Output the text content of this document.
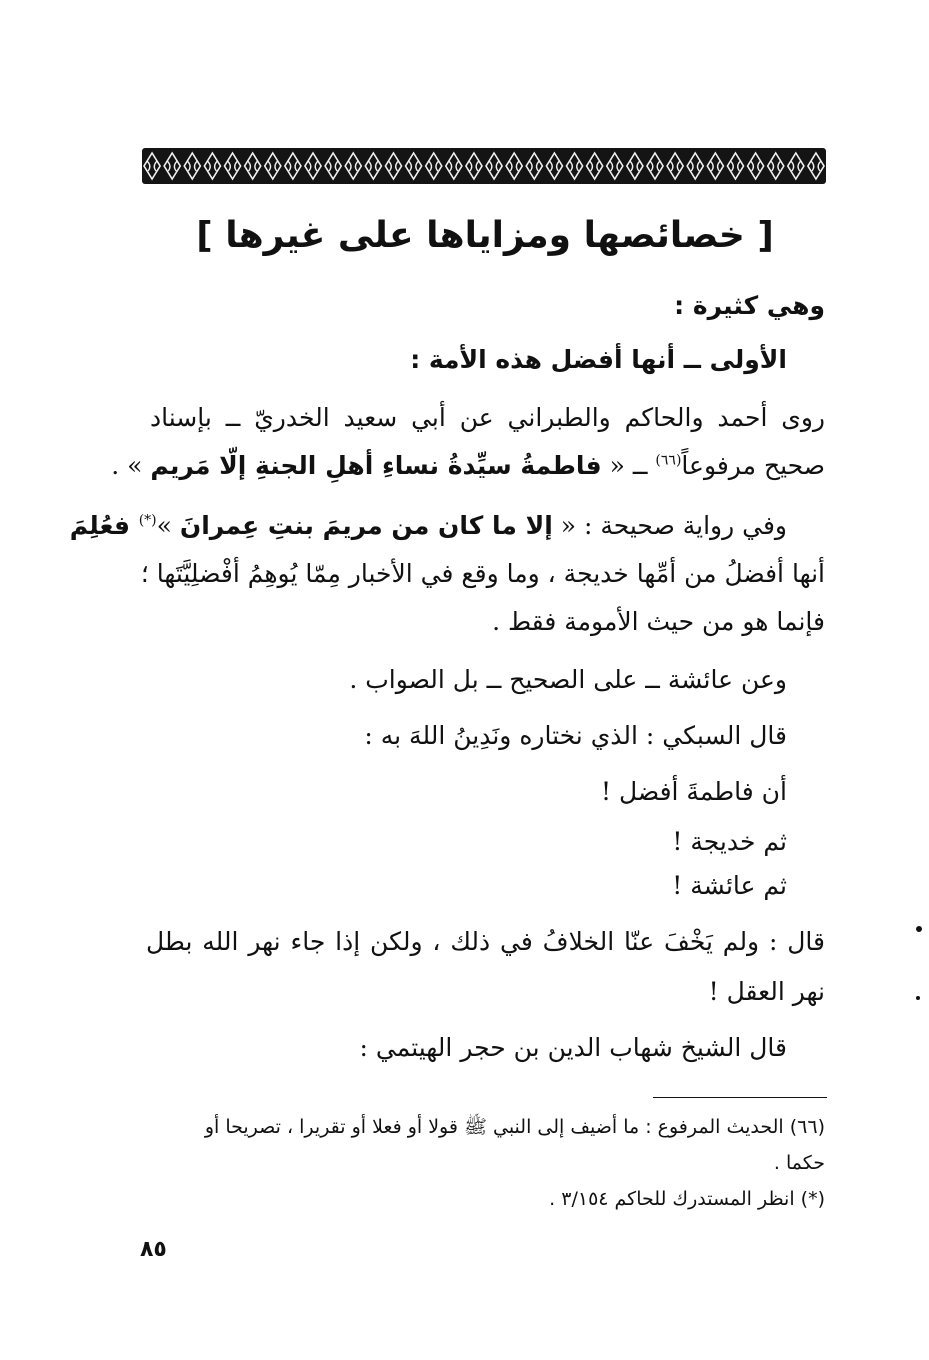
[ خصائصها ومزاياها على غيرها ]
وهي كثيرة :
الأولى ــ أنها أفضل هذه الأمة :
روى أحمد والحاكم والطبراني عن أبي سعيد الخدريّ ــ بإسناد
صحيح مرفوعاً$^{(٦٦)}$ ــ « فاطمةُ سيِّدةُ نساءِ أهلِ الجنةِ إلّا مَريم » .
وفي رواية صحيحة : « إلا ما كان من مريمَ بنتِ عِمرانَ »(*) فعُلِمَ
أنها أفضلُ من أمِّها خديجة ، وما وقع في الأخبار مِمّا يُوهِمُ أفْضلِيَّتَها ؛
فإنما هو من حيث الأمومة فقط .
وعن عائشة ــ على الصحيح ــ بل الصواب .
قال السبكي : الذي نختاره ونَدِينُ اللهَ به :
أن فاطمةَ أفضل !
ثم خديجة !
ثم عائشة !
قال : ولم يَخْفَ عنّا الخلافُ في ذلك ، ولكن إذا جاء نهر الله بطل
نهر العقل !
قال الشيخ شهاب الدين بن حجر الهيتمي :
(٦٦) الحديث المرفوع : ما أضيف إلى النبي ﷺ قولا أو فعلا أو تقريرا ، تصريحا أو
حكما .
(*) انظر المستدرك للحاكم ٣/١٥٤ .
٨٥
